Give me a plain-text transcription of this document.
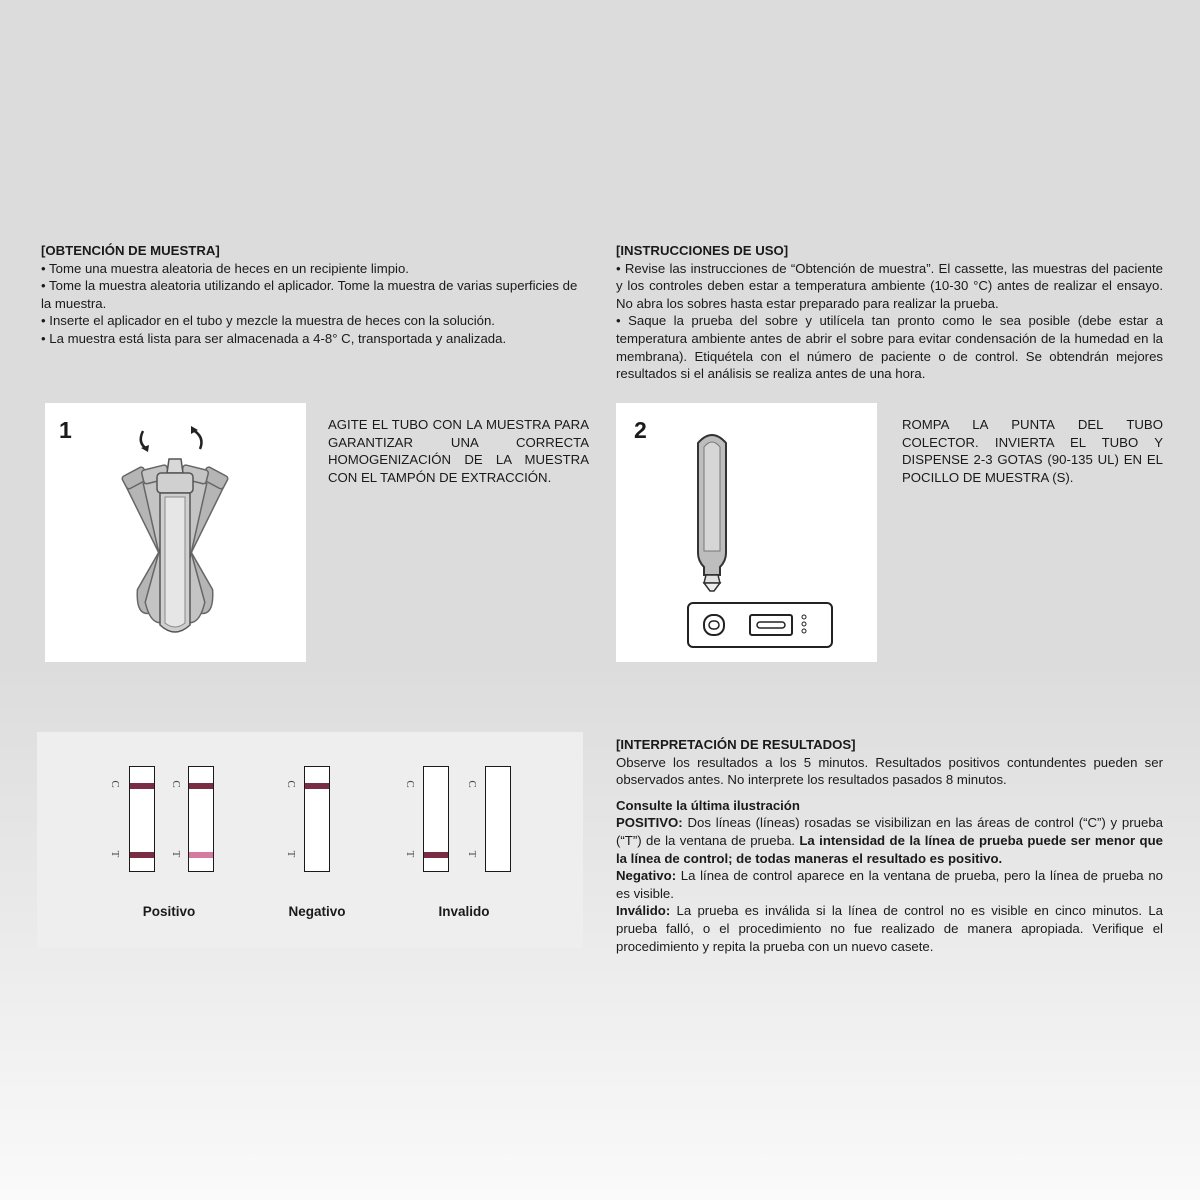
[OBTENCIÓN DE MUESTRA]

• Tome una muestra aleatoria de heces en un recipiente limpio.

• Tome la muestra aleatoria utilizando el aplicador. Tome la muestra de varias superficies de la muestra.

• Inserte el aplicador en el tubo y mezcle la muestra de heces con la solución.

• La muestra está lista para ser almacenada a 4-8° C, transportada y analizada.

[INSTRUCCIONES DE USO]

• Revise las instrucciones de “Obtención de muestra”. El cassette, las muestras del paciente y los controles deben estar a temperatura ambiente (10-30 °C) antes de realizar el ensayo. No abra los sobres hasta estar preparado para realizar la prueba.

• Saque la prueba del sobre y utilícela tan pronto como le sea posible (debe estar a temperatura ambiente antes de abrir el sobre para evitar condensación de la humedad en la membrana). Etiquétela con el número de paciente o de control. Se obtendrán mejores resultados si el análisis se realiza antes de una hora.

1	AGITE EL TUBO CON LA MUESTRA PARA GARANTIZAR UNA CORRECTA HOMOGENIZACIÓN DE LA MUESTRA CON EL TAMPÓN DE EXTRACCIÓN.
2	ROMPA LA PUNTA DEL TUBO COLECTOR. INVIERTA EL TUBO Y DISPENSE 2-3 GOTAS (90-135 UL) EN EL POCILLO DE MUESTRA (S).
C
T
C
T
C
T
C
T
C
T
Positivo	Negativo	Invalido

[INTERPRETACIÓN DE RESULTADOS]

Observe los resultados a los 5 minutos. Resultados positivos contundentes pueden ser observados antes. No interprete los resultados pasados 8 minutos.

Consulte la última ilustración

POSITIVO: Dos líneas (líneas) rosadas se visibilizan en las áreas de control (“C”) y prueba (“T”) de la ventana de prueba. La intensidad de la línea de prueba puede ser menor que la línea de control; de todas maneras el resultado es positivo.

Negativo: La línea de control aparece en la ventana de prueba, pero la línea de prueba no es visible.

Inválido: La prueba es inválida si la línea de control no es visible en cinco minutos. La prueba falló, o el procedimiento no fue realizado de manera apropiada. Verifique el procedimiento y repita la prueba con un nuevo casete.
